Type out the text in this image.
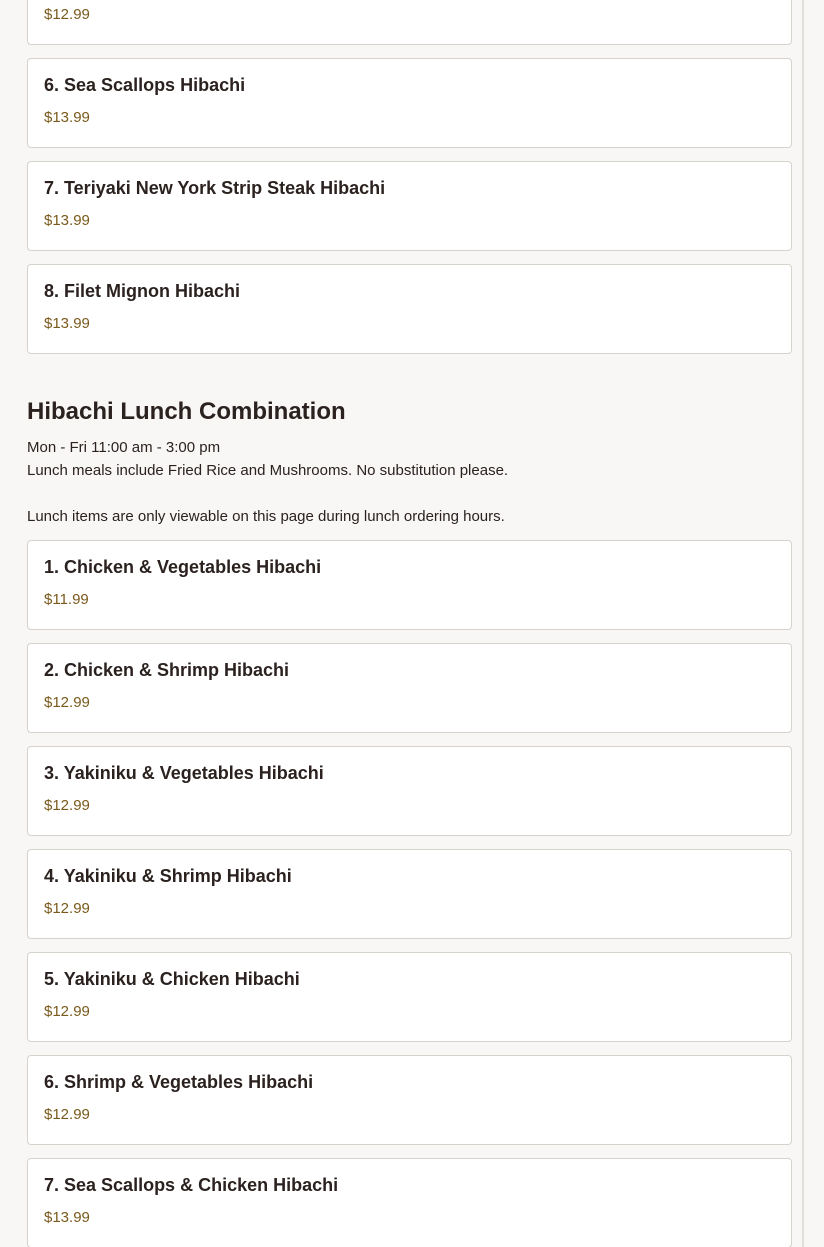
$12.99
6. Sea Scallops Hibachi
$13.99
7. Teriyaki New York Strip Steak Hibachi
$13.99
8. Filet Mignon Hibachi
$13.99
Hibachi Lunch Combination
Mon - Fri 11:00 am - 3:00 pm
Lunch meals include Fried Rice and Mushrooms. No substitution please.
Lunch items are only viewable on this page during lunch ordering hours.
1. Chicken & Vegetables Hibachi
$11.99
2. Chicken & Shrimp Hibachi
$12.99
3. Yakiniku & Vegetables Hibachi
$12.99
4. Yakiniku & Shrimp Hibachi
$12.99
5. Yakiniku & Chicken Hibachi
$12.99
6. Shrimp & Vegetables Hibachi
$12.99
7. Sea Scallops & Chicken Hibachi
$13.99
